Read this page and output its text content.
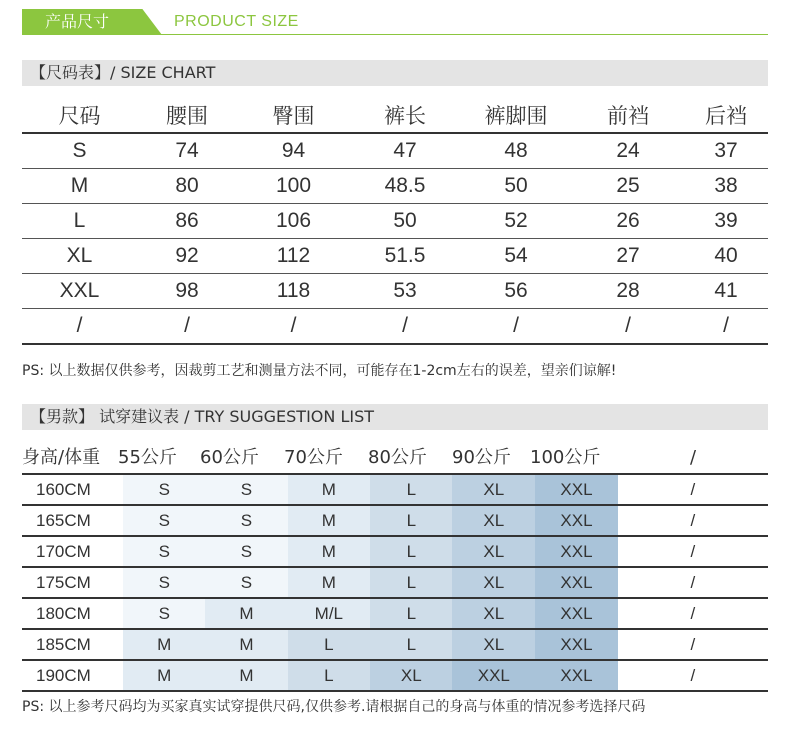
产品尺寸	PRODUCT SIZE
【尺码表】/ SIZE CHART
尺码	腰围	臀围	裤长	裤脚围	前裆	后裆
S	74	94	47	48	24	37
M	80	100	48.5	50	25	38
L	86	106	50	52	26	39
XL	92	112	51.5	54	27	40
XXL	98	118	53	56	28	41
/	/	/	/	/	/	/
PS: 以上数据仅供参考，因裁剪工艺和测量方法不同，可能存在1-2cm左右的误差，望亲们谅解!
【男款】 试穿建议表 / TRY SUGGESTION LIST
身高/体重 55公斤 60公斤 70公斤 80公斤 90公斤 100公斤	/
160CM	S	S	M	L	XL	XXL	/
165CM	S	S	M	L	XL	XXL	/
170CM	S	S	M	L	XL	XXL	/
175CM	S	S	M	L	XL	XXL	/
180CM	S	M	M/L	L	XL	XXL	/
185CM	M	M	L	L	XL	XXL	/
190CM	M	M	L	XL	XXL	XXL	/
PS: 以上参考尺码均为买家真实试穿提供尺码,仅供参考.请根据自己的身高与体重的情况参考选择尺码
